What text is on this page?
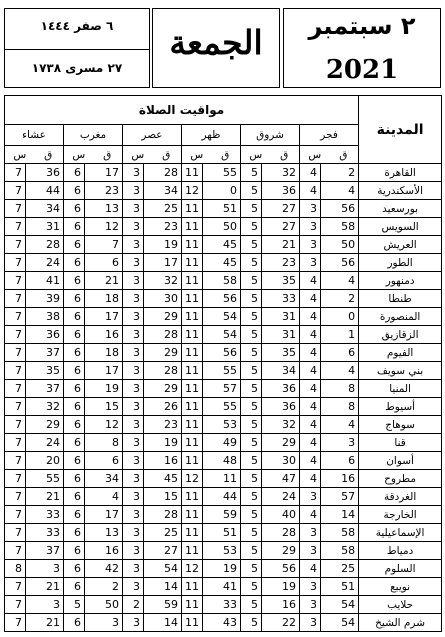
٦ صفر ١٤٤٤
٢٧ مسرى ١٧٣٨
الجمعة	٢ سبتمبر
2021
مواقيت الصلاة												المدينة
عشاء		مغرب		عصر		ظهر		شروق		فجر		
س ق		س ق		س ق		س ق		س ق		س ق		
7	36	6	17	3	28	11	55	5	32	4	2	القاهرة
7	44	6	23	3	34	12	0	5	36	4	4	الأسكندرية
7	34	6	13	3	25	11	51	5	27	3	56	بورسعيد
7	31	6	12	3	23	11	50	5	27	3	58	السويس
7	28	6	7	3	19	11	45	5	21	3	50	العريش
7	24	6	6	3	17	11	45	5	23	3	56	الطور
7	41	6	21	3	32	11	58	5	35	4	4	دمنهور
7	39	6	18	3	30	11	56	5	33	4	2	طنطا
7	38	6	17	3	29	11	54	5	31	4	0	المنصورة
7	36	6	16	3	28	11	54	5	31	4	1	الزقازيق
7	37	6	18	3	29	11	56	5	35	4	6	الفيوم
7	35	6	17	3	28	11	55	5	34	4	4	بني سويف
7	37	6	19	3	29	11	57	5	36	4	8	المنيا
7	32	6	15	3	26	11	55	5	36	4	8	أسيوط
7	29	6	12	3	23	11	53	5	32	4	4	سوهاج
7	24	6	8	3	19	11	49	5	29	4	3	قنا
7	20	6	6	3	16	11	48	5	30	4	6	أسوان
7	55	6	34	3	45	12	11	5	47	4	16	مطروح
7	21	6	4	3	15	11	44	5	24	3	57	الغردقة
7	33	6	17	3	28	11	59	5	40	4	14	الخارجة
7	33	6	13	3	25	11	51	5	28	3	58	الإسماعيلية
7	37	6	16	3	27	11	53	5	29	3	58	دمياط
8	3	6	42	3	54	12	19	5	56	4	25	السلوم
7	21	6	2	3	14	11	41	5	19	3	51	نويبع
7	3	5	50	2	59	11	33	5	16	3	54	حلايب
7	21	6	3	3	14	11	43	5	22	3	54	شرم الشيخ
